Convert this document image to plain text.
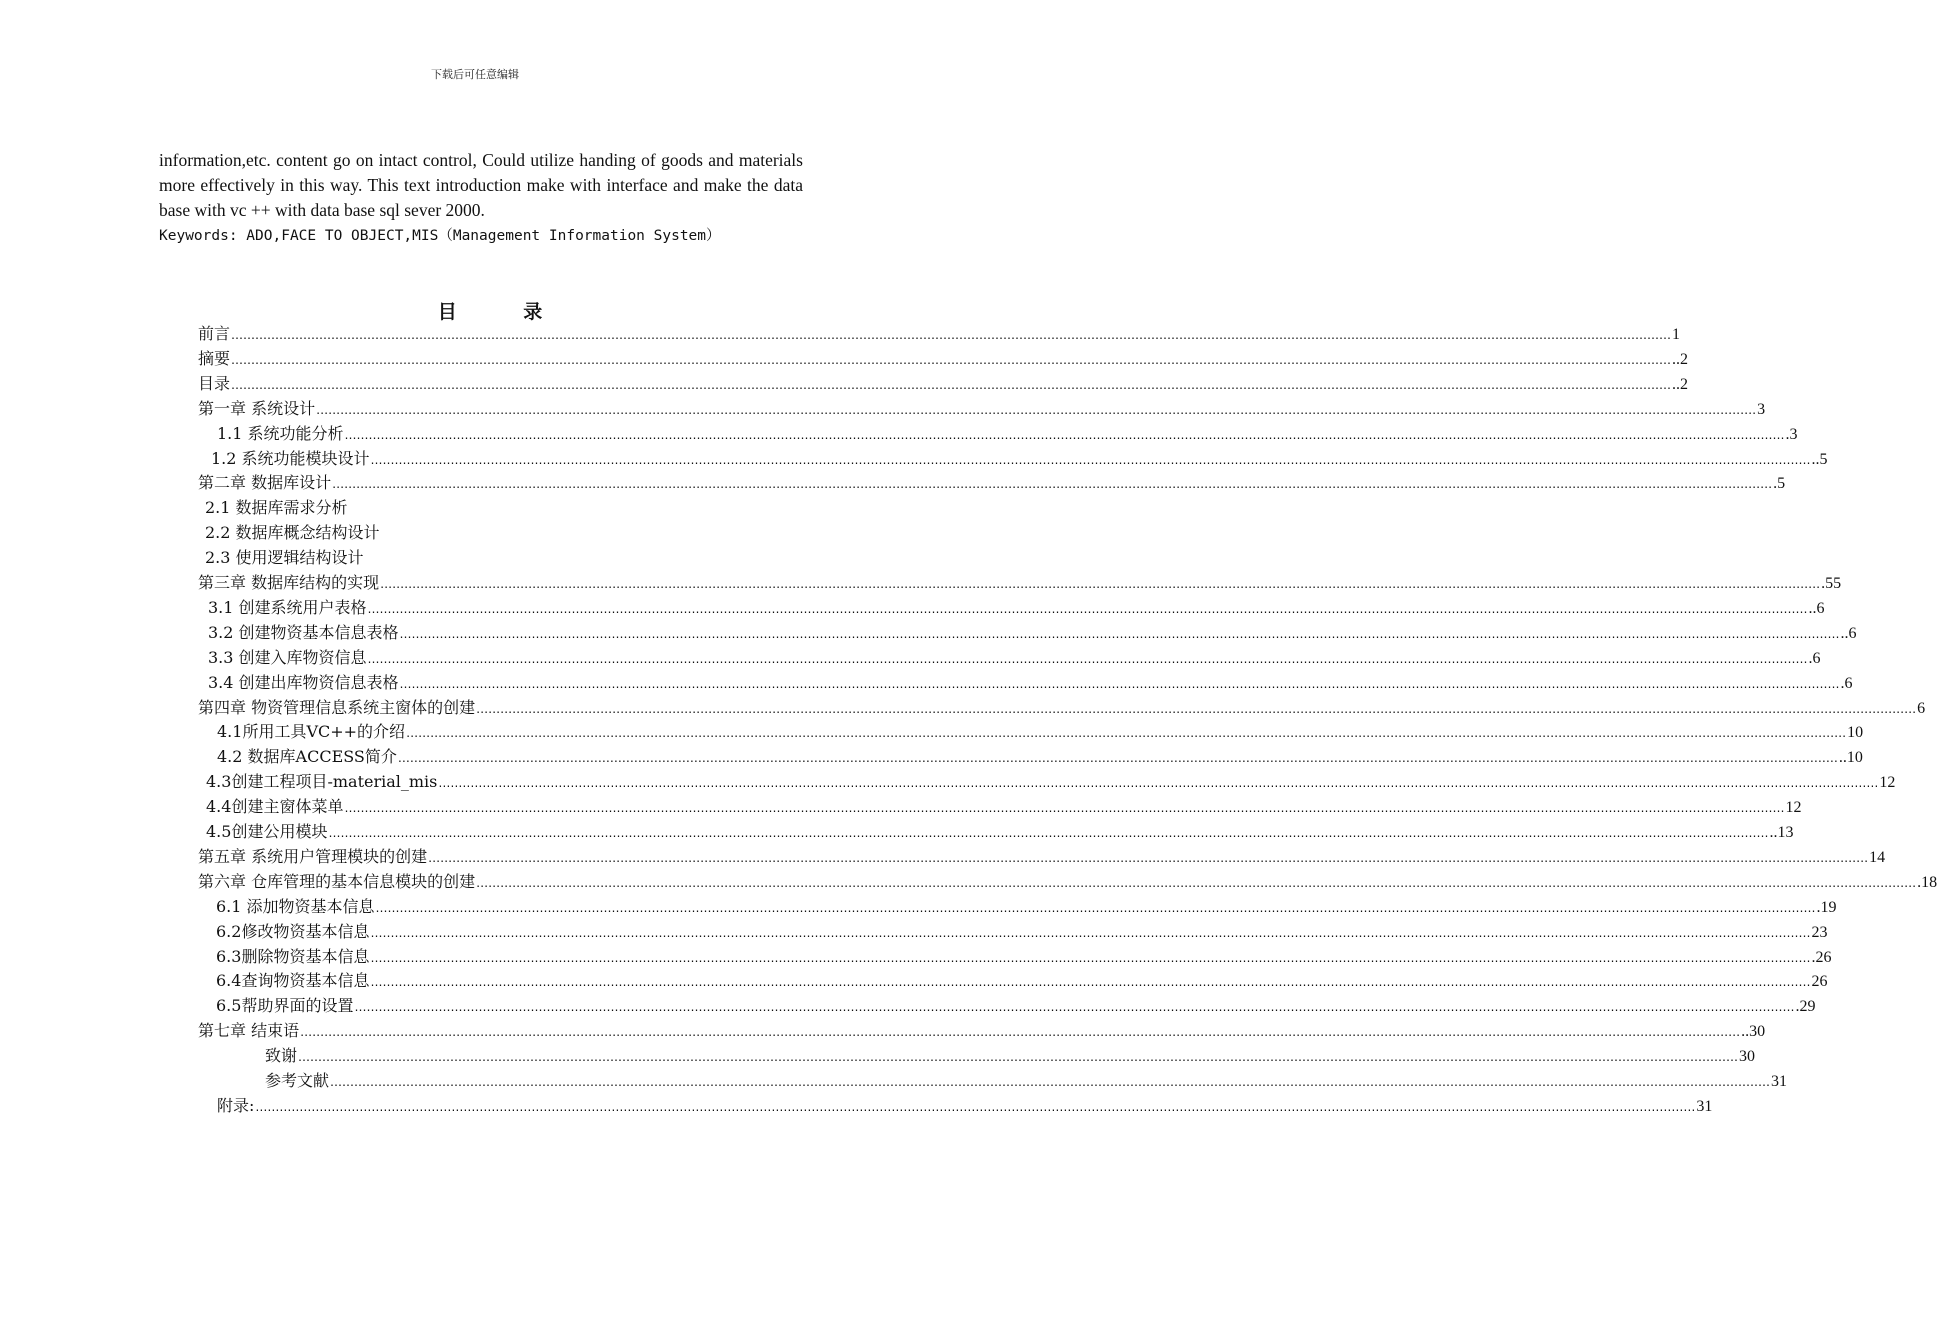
下载后可任意编辑

information,etc. content go on intact control, Could utilize handing of goods and materials more effectively in this way. This text introduction make with interface and make the data base with vc ++ with data base sql sever 2000.

Keywords: ADO,FACE TO OBJECT,MIS（Management Information System）
目 录
前言 ……………………………………………………………………………………………………………………………………………………………………………………………………………………………………………………………………………………………………………………………… 1
摘要 ……………………………………………………………………………………………………………………………………………………………………………………………………………………………………………………………………………………………………………………………… ..2
目录 ……………………………………………………………………………………………………………………………………………………………………………………………………………………………………………………………………………………………………………………………… ..2
第一章 系统设计 ……………………………………………………………………………………………………………………………………………………………………………………………………………………………………………………………………………………………………………………………… 3
1.1 系统功能分析 ……………………………………………………………………………………………………………………………………………………………………………………………………………………………………………………………………………………………………………………………… .3
1.2 系统功能模块设计 ……………………………………………………………………………………………………………………………………………………………………………………………………………………………………………………………………………………………………………………………… ..5
第二章 数据库设计 ……………………………………………………………………………………………………………………………………………………………………………………………………………………………………………………………………………………………………………………………… .5
2.1 数据库需求分析
2.2 数据库概念结构设计
2.3 使用逻辑结构设计
第三章 数据库结构的实现 ……………………………………………………………………………………………………………………………………………………………………………………………………………………………………………………………………………………………………………………………… .55
3.1 创建系统用户表格 ……………………………………………………………………………………………………………………………………………………………………………………………………………………………………………………………………………………………………………………………… ..6
3.2 创建物资基本信息表格 ……………………………………………………………………………………………………………………………………………………………………………………………………………………………………………………………………………………………………………………………… ..6
3.3 创建入库物资信息 ……………………………………………………………………………………………………………………………………………………………………………………………………………………………………………………………………………………………………………………………… .6
3.4 创建出库物资信息表格 ……………………………………………………………………………………………………………………………………………………………………………………………………………………………………………………………………………………………………………………………… .6
第四章 物资管理信息系统主窗体的创建 ……………………………………………………………………………………………………………………………………………………………………………………………………………………………………………………………………………………………………………………………… 6
4.1所用工具VC++的介绍 ……………………………………………………………………………………………………………………………………………………………………………………………………………………………………………………………………………………………………………………………… 10
4.2 数据库ACCESS简介 ……………………………………………………………………………………………………………………………………………………………………………………………………………………………………………………………………………………………………………………………… ..10
4.3创建工程项目-material_mis ……………………………………………………………………………………………………………………………………………………………………………………………………………………………………………………………………………………………………………………………… 12
4.4创建主窗体菜单 ……………………………………………………………………………………………………………………………………………………………………………………………………………………………………………………………………………………………………………………………… 12
4.5创建公用模块 ……………………………………………………………………………………………………………………………………………………………………………………………………………………………………………………………………………………………………………………………… ..13
第五章 系统用户管理模块的创建 ……………………………………………………………………………………………………………………………………………………………………………………………………………………………………………………………………………………………………………………………… 14
第六章 仓库管理的基本信息模块的创建 ……………………………………………………………………………………………………………………………………………………………………………………………………………………………………………………………………………………………………………………………… .18
6.1 添加物资基本信息 ……………………………………………………………………………………………………………………………………………………………………………………………………………………………………………………………………………………………………………………………… .19
6.2修改物资基本信息 ……………………………………………………………………………………………………………………………………………………………………………………………………………………………………………………………………………………………………………………………… 23
6.3删除物资基本信息 ……………………………………………………………………………………………………………………………………………………………………………………………………………………………………………………………………………………………………………………………… .26
6.4查询物资基本信息 ……………………………………………………………………………………………………………………………………………………………………………………………………………………………………………………………………………………………………………………………… 26
6.5帮助界面的设置 ……………………………………………………………………………………………………………………………………………………………………………………………………………………………………………………………………………………………………………………………… .29
第七章 结束语 ……………………………………………………………………………………………………………………………………………………………………………………………………………………………………………………………………………………………………………………………… ..30
致谢 ……………………………………………………………………………………………………………………………………………………………………………………………………………………………………………………………………………………………………………………………… 30
参考文献 ……………………………………………………………………………………………………………………………………………………………………………………………………………………………………………………………………………………………………………………………… 31
附录: ……………………………………………………………………………………………………………………………………………………………………………………………………………………………………………………………………………………………………………………………… 31
